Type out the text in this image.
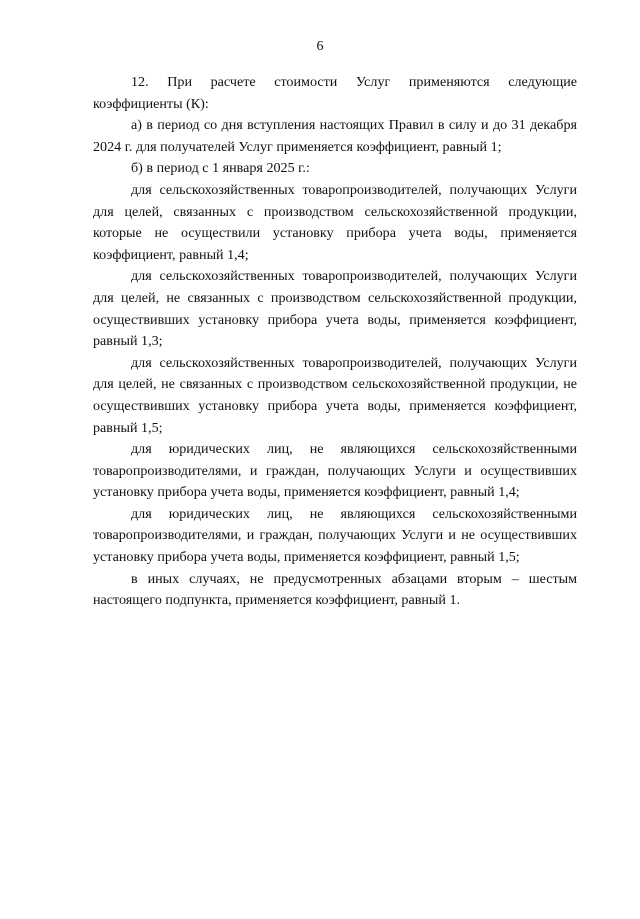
6

12. При расчете стоимости Услуг применяются следующие коэффициенты (К):

а) в период со дня вступления настоящих Правил в силу и до 31 декабря 2024 г. для получателей Услуг применяется коэффициент, равный 1;

б) в период с 1 января 2025 г.:

для сельскохозяйственных товаропроизводителей, получающих Услуги для целей, связанных с производством сельскохозяйственной продукции, которые не осуществили установку прибора учета воды, применяется коэффициент, равный 1,4;

для сельскохозяйственных товаропроизводителей, получающих Услуги для целей, не связанных с производством сельскохозяйственной продукции, осуществивших установку прибора учета воды, применяется коэффициент, равный 1,3;

для сельскохозяйственных товаропроизводителей, получающих Услуги для целей, не связанных с производством сельскохозяйственной продукции, не осуществивших установку прибора учета воды, применяется коэффициент, равный 1,5;

для юридических лиц, не являющихся сельскохозяйственными товаропроизводителями, и граждан, получающих Услуги и осуществивших установку прибора учета воды, применяется коэффициент, равный 1,4;

для юридических лиц, не являющихся сельскохозяйственными товаропроизводителями, и граждан, получающих Услуги и не осуществивших установку прибора учета воды, применяется коэффициент, равный 1,5;

в иных случаях, не предусмотренных абзацами вторым – шестым настоящего подпункта, применяется коэффициент, равный 1.
